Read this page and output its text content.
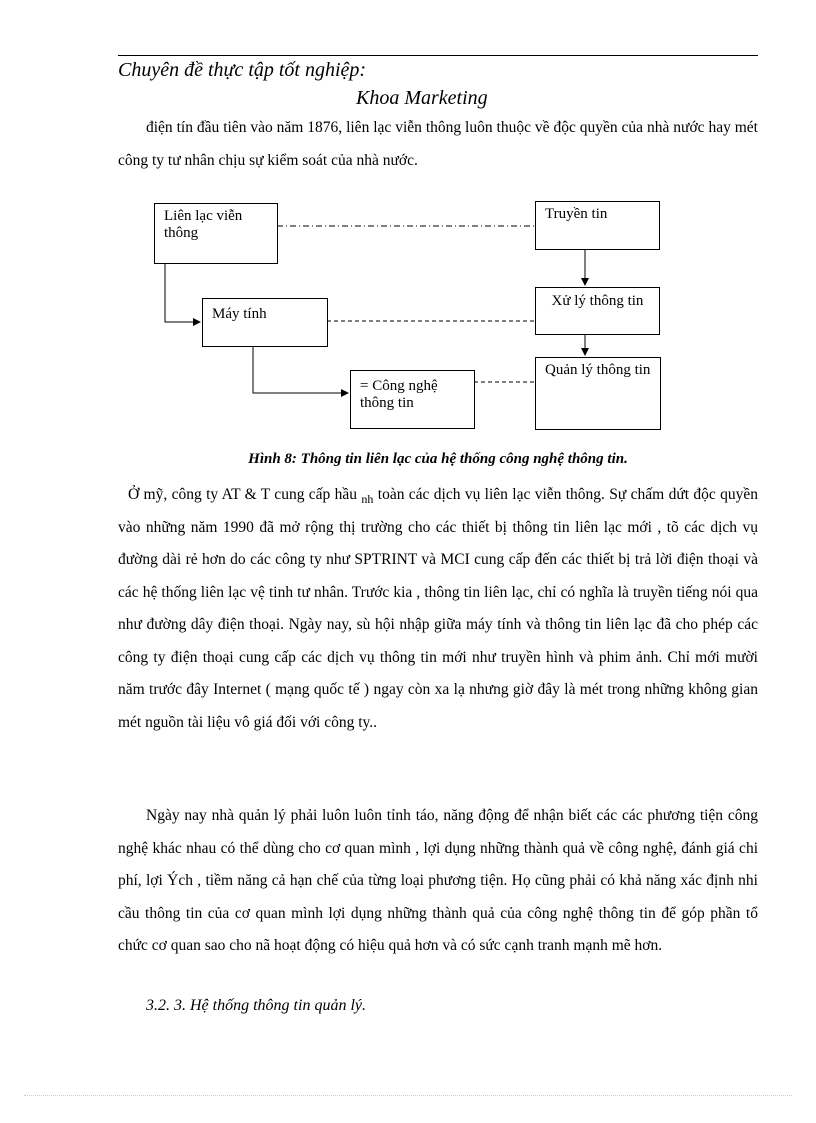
Chuyên đề thực tập tốt nghiệp:
Khoa Marketing

điện tín đầu tiên vào năm 1876, liên lạc viễn thông luôn thuộc về độc quyền của nhà nước hay mét công ty tư nhân chịu sự kiểm soát của nhà nước.

Liên lạc viễn thông
Truyền tin
Máy tính
Xử lý thông tin
= Công nghệ thông tin
Quản lý thông tin
Hình 8: Thông tin liên lạc của hệ thống công nghệ thông tin.

Ở mỹ, công ty AT & T cung cấp hầu $_{nh}$ toàn các dịch vụ liên lạc viễn thông. Sự chấm dứt độc quyền vào những năm 1990 đã mở rộng thị trường cho các thiết bị thông tin liên lạc mới , tõ các dịch vụ đường dài rẻ hơn do các công ty như SPTRINT và MCI cung cấp đến các thiết bị trả lời điện thoại và các hệ thống liên lạc vệ tinh tư nhân. Trước kia , thông tin liên lạc, chỉ có nghĩa là truyền tiếng nói qua như đường dây điện thoại. Ngày nay, sù hội nhập giữa máy tính và thông tin liên lạc đã cho phép các công ty điện thoại cung cấp các dịch vụ thông tin mới như truyền hình và phim ảnh. Chỉ mới mười năm trước đây Internet ( mạng quốc tế ) ngay còn xa lạ nhưng giờ đây là mét trong những không gian mét nguồn tài liệu vô giá đối với công ty..

Ngày nay nhà quản lý phải luôn luôn tỉnh táo, năng động để nhận biết các các phương tiện công nghệ khác nhau có thể dùng cho cơ quan mình , lợi dụng những thành quả về công nghệ, đánh giá chi phí, lợi Ých , tiềm năng cả hạn chế của từng loại phương tiện. Họ cũng phải có khả năng xác định nhi cầu thông tin của cơ quan mình lợi dụng những thành quả của công nghệ thông tin để góp phần tổ chức cơ quan sao cho nã hoạt động có hiệu quả hơn và có sức cạnh tranh mạnh mẽ hơn.

3.2. 3. Hệ thống thông tin quản lý.
